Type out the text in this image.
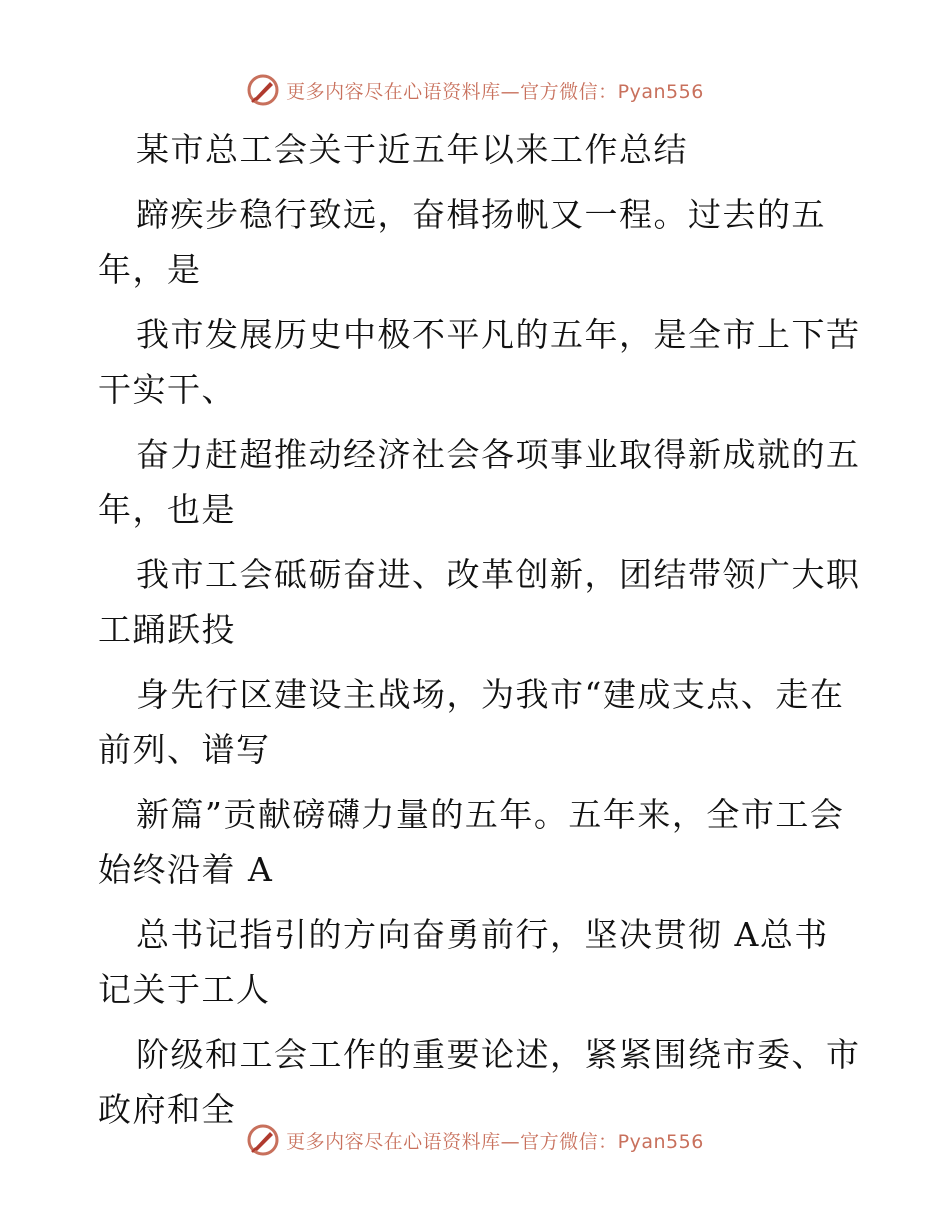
更多内容尽在心语资料库—官方微信：Pyan556
某市总工会关于近五年以来工作总结
蹄疾步稳行致远，奋楫扬帆又一程。过去的五
年，是
我市发展历史中极不平凡的五年，是全市上下苦
干实干、
奋力赶超推动经济社会各项事业取得新成就的五
年，也是
我市工会砥砺奋进、改革创新，团结带领广大职
工踊跃投
身先行区建设主战场，为我市“建成支点、走在
前列、谱写
新篇”贡献磅礴力量的五年。五年来，全市工会
始终沿着 A
总书记指引的方向奋勇前行，坚决贯彻 A总书
记关于工人
阶级和工会工作的重要论述，紧紧围绕市委、市
政府和全
更多内容尽在心语资料库—官方微信：Pyan556
